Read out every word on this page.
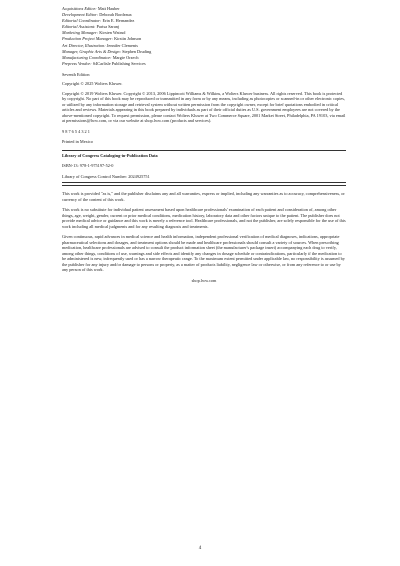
Acquisitions Editor: Matt Hauber
Development Editor: Deborah Bordeaux
Editorial Coordinator: Erin E. Hernandez
Editorial Assistant: Parisa Saranj
Marketing Manager: Kirsten Watrud
Production Project Manager: Kirstin Johnson
Art Director, Illustration: Jennifer Clements
Manager, Graphic Arts & Design: Stephen Druding
Manufacturing Coordinator: Margie Orzech
Prepress Vendor: S4Carlisle Publishing Services

Seventh Edition

Copyright © 2025 Wolters Kluwer.

Copyright © 2019 Wolters Kluwer. Copyright © 2013, 2006 Lippincott Williams & Wilkins, a Wolters Kluwer business. All rights reserved. This book is protected by copyright. No part of this book may be reproduced or transmitted in any form or by any means, including as photocopies or scanned-in or other electronic copies, or utilized by any information storage and retrieval system without written permission from the copyright owner, except for brief quotations embodied in critical articles and reviews. Materials appearing in this book prepared by individuals as part of their official duties as U.S. government employees are not covered by the above-mentioned copyright. To request permission, please contact Wolters Kluwer at Two Commerce Square, 2001 Market Street, Philadelphia, PA 19103, via email at permissions@lww.com, or via our website at shop.lww.com (products and services).

9 8 7 6 5 4 3 2 1

Printed in Mexico

Library of Congress Cataloging-in-Publication Data
ISBN-13: 978-1-975197-52-0
Library of Congress Control Number: 2024925751

This work is provided "as is," and the publisher disclaims any and all warranties, express or implied, including any warranties as to accuracy, comprehensiveness, or currency of the content of this work.

This work is no substitute for individual patient assessment based upon healthcare professionals' examination of each patient and consideration of, among other things, age, weight, gender, current or prior medical conditions, medication history, laboratory data and other factors unique to the patient. The publisher does not provide medical advice or guidance and this work is merely a reference tool. Healthcare professionals, and not the publisher, are solely responsible for the use of this work including all medical judgments and for any resulting diagnosis and treatments.

Given continuous, rapid advances in medical science and health information, independent professional verification of medical diagnoses, indications, appropriate pharmaceutical selections and dosages, and treatment options should be made and healthcare professionals should consult a variety of sources. When prescribing medication, healthcare professionals are advised to consult the product information sheet (the manufacturer's package insert) accompanying each drug to verify, among other things, conditions of use, warnings and side effects and identify any changes in dosage schedule or contraindications, particularly if the medication to be administered is new, infrequently used or has a narrow therapeutic range. To the maximum extent permitted under applicable law, no responsibility is assumed by the publisher for any injury and/or damage to persons or property, as a matter of products liability, negligence law or otherwise, or from any reference to or use by any person of this work.

shop.lww.com

4
